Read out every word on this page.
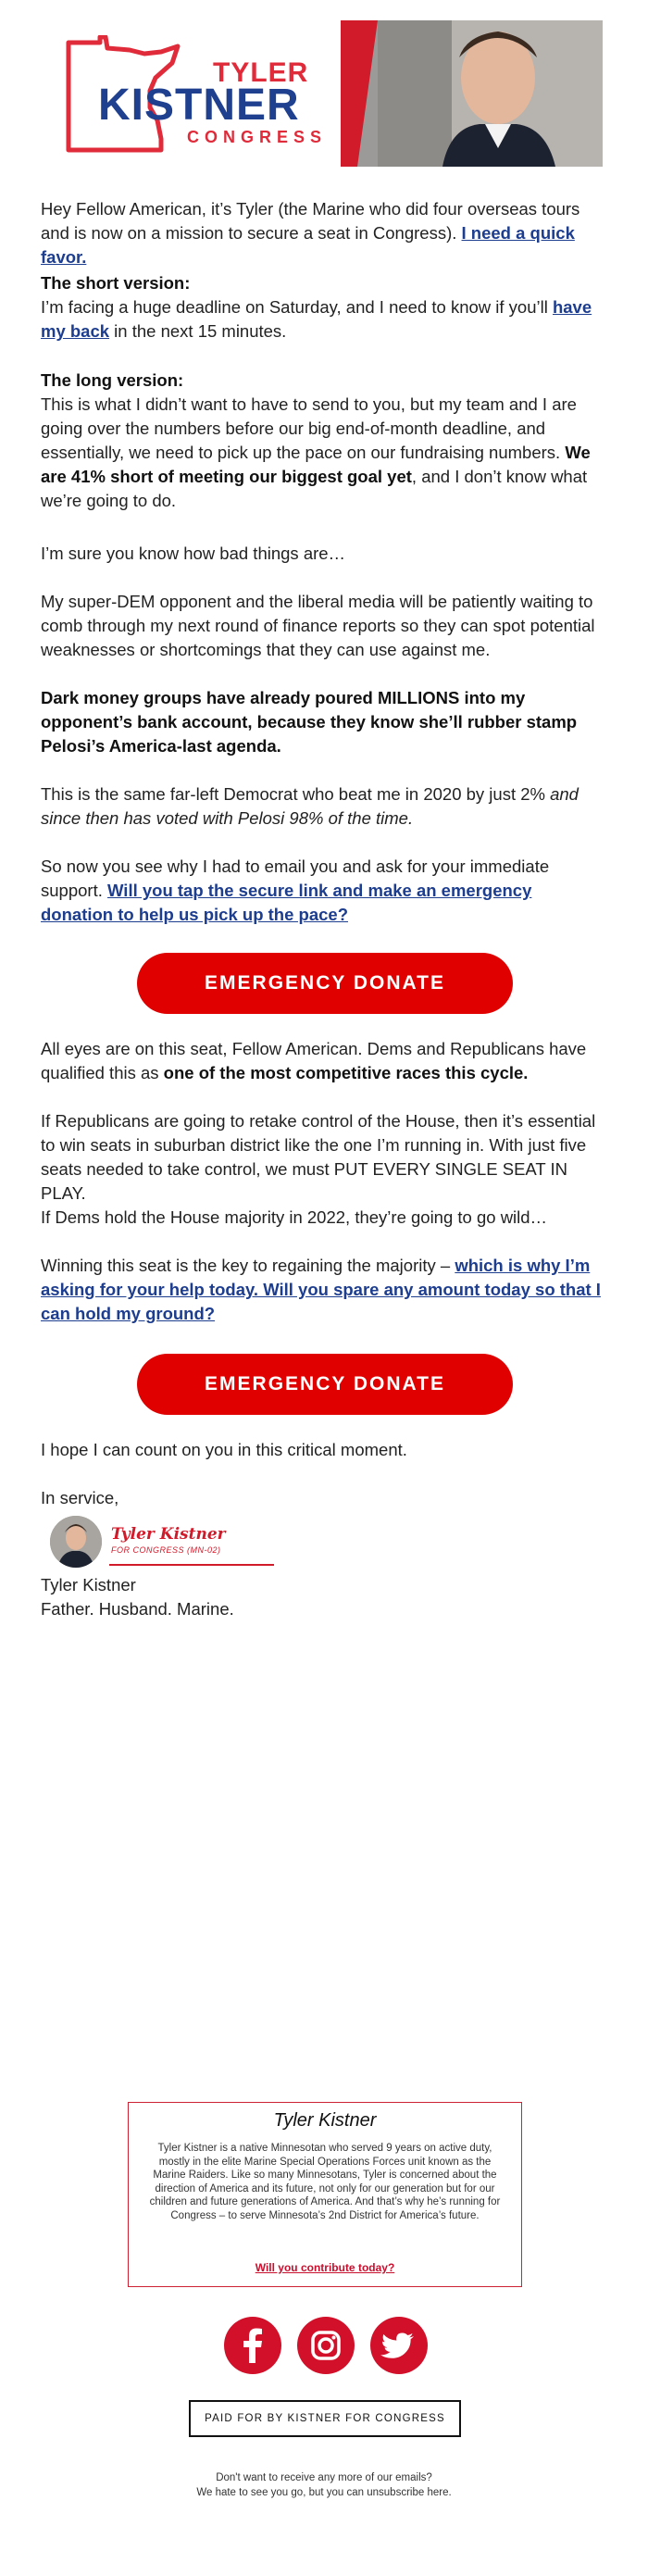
TYLER
KISTNER
CONGRESS

Hey Fellow American, it’s Tyler (the Marine who did four overseas tours and is now on a mission to secure a seat in Congress). I need a quick favor.

The short version:

I’m facing a huge deadline on Saturday, and I need to know if you’ll have my back in the next 15 minutes.

The long version:

This is what I didn’t want to have to send to you, but my team and I are going over the numbers before our big end-of-month deadline, and essentially, we need to pick up the pace on our fundraising numbers. We are 41% short of meeting our biggest goal yet, and I don’t know what we’re going to do.

I’m sure you know how bad things are…

My super-DEM opponent and the liberal media will be patiently waiting to comb through my next round of finance reports so they can spot potential weaknesses or shortcomings that they can use against me.

Dark money groups have already poured MILLIONS into my opponent’s bank account, because they know she’ll rubber stamp Pelosi’s America-last agenda.

This is the same far-left Democrat who beat me in 2020 by just 2% and since then has voted with Pelosi 98% of the time.

So now you see why I had to email you and ask for your immediate support. Will you tap the secure link and make an emergency donation to help us pick up the pace?

EMERGENCY DONATE

All eyes are on this seat, Fellow American. Dems and Republicans have qualified this as one of the most competitive races this cycle.

If Republicans are going to retake control of the House, then it’s essential to win seats in suburban district like the one I’m running in. With just five seats needed to take control, we must PUT EVERY SINGLE SEAT IN PLAY.

If Dems hold the House majority in 2022, they’re going to go wild…

Winning this seat is the key to regaining the majority – which is why I’m asking for your help today. Will you spare any amount today so that I can hold my ground?

EMERGENCY DONATE

I hope I can count on you in this critical moment.

In service,

Tyler Kistner
FOR CONGRESS (MN-02)

Tyler Kistner

Father. Husband. Marine.

Tyler Kistner
Tyler Kistner is a native Minnesotan who served 9 years on active duty, mostly in the elite Marine Special Operations Forces unit known as the Marine Raiders. Like so many Minnesotans, Tyler is concerned about the direction of America and its future, not only for our generation but for our children and future generations of America. And that’s why he’s running for Congress – to serve Minnesota’s 2nd District for America’s future.
Will you contribute today?
PAID FOR BY KISTNER FOR CONGRESS
Don't want to receive any more of our emails?
We hate to see you go, but you can unsubscribe here.
